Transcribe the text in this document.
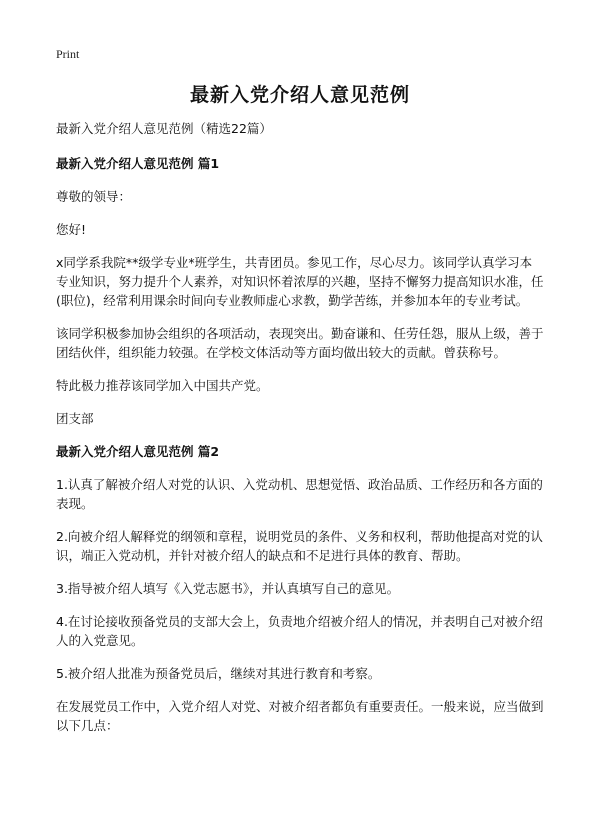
Print
最新入党介绍人意见范例

最新入党介绍人意见范例（精选22篇）

最新入党介绍人意见范例 篇1

尊敬的领导：

您好!

x同学系我院**级学专业*班学生，共青团员。参见工作，尽心尽力。该同学认真学习本专业知识，努力提升个人素养，对知识怀着浓厚的兴趣，坚持不懈努力提高知识水准，任(职位)，经常利用课余时间向专业教师虚心求教，勤学苦练，并参加本年的专业考试。

该同学积极参加协会组织的各项活动，表现突出。勤奋谦和、任劳任怨，服从上级，善于团结伙伴，组织能力较强。在学校文体活动等方面均做出较大的贡献。曾获称号。

特此极力推荐该同学加入中国共产党。

团支部

最新入党介绍人意见范例 篇2

1.认真了解被介绍人对党的认识、入党动机、思想觉悟、政治品质、工作经历和各方面的表现。

2.向被介绍人解释党的纲领和章程，说明党员的条件、义务和权利，帮助他提高对党的认识，端正入党动机，并针对被介绍人的缺点和不足进行具体的教育、帮助。

3.指导被介绍人填写《入党志愿书》，并认真填写自己的意见。

4.在讨论接收预备党员的支部大会上，负责地介绍被介绍人的情况，并表明自己对被介绍人的入党意见。

5.被介绍人批准为预备党员后，继续对其进行教育和考察。

在发展党员工作中，入党介绍人对党、对被介绍者都负有重要责任。一般来说，应当做到以下几点：
